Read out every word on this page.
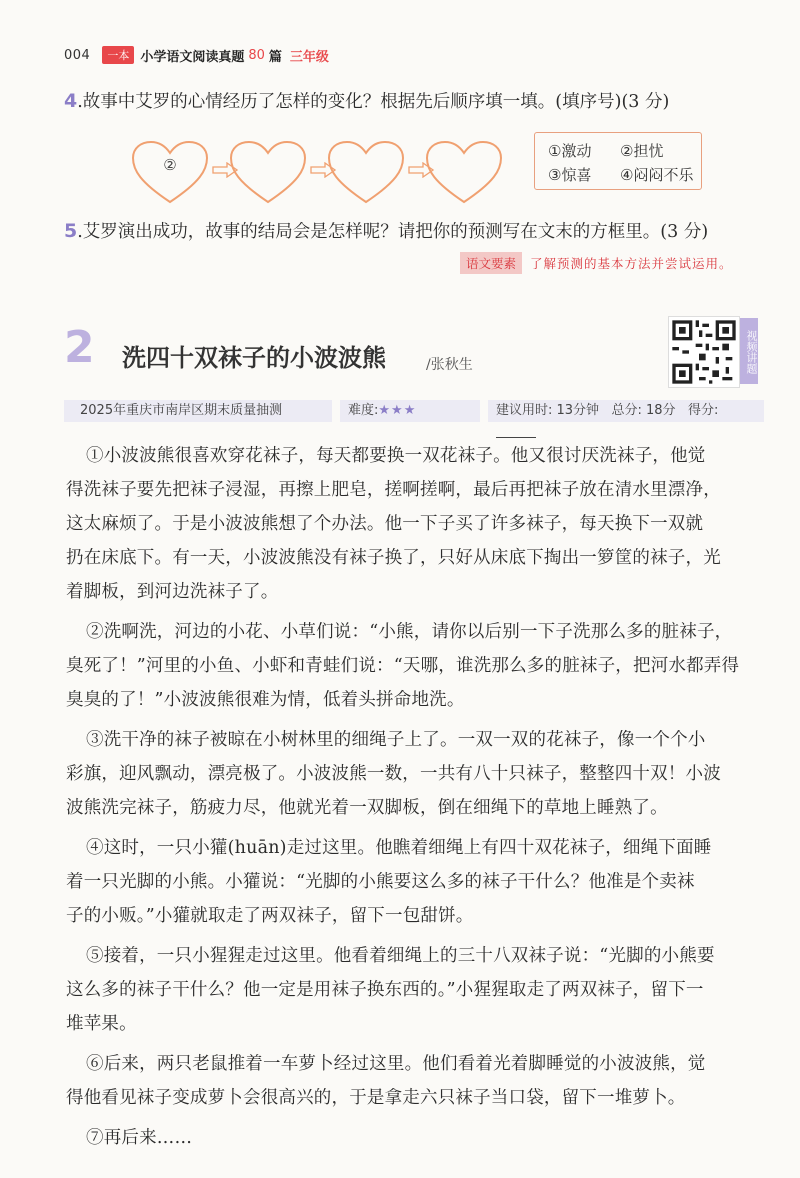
004	一本 小学语文阅读真题 80 篇 三年级
4.故事中艾罗的心情经历了怎样的变化？根据先后顺序填一填。(填序号)(3 分)
②
①激动 ②担忧
③惊喜 ④闷闷不乐
5.艾罗演出成功，故事的结局会是怎样呢？请把你的预测写在文末的方框里。(3 分)
语文要素	了解预测的基本方法并尝试运用。
2 洗四十双袜子的小波波熊	/张秋生	视频讲题
2025年重庆市南岸区期末质量抽测	难度:★★★	建议用时: 13分钟 总分: 18分 得分:
①小波波熊很喜欢穿花袜子，每天都要换一双花袜子。他又很讨厌洗袜子，他觉
得洗袜子要先把袜子浸湿，再擦上肥皂，搓啊搓啊，最后再把袜子放在清水里漂净，
这太麻烦了。于是小波波熊想了个办法。他一下子买了许多袜子，每天换下一双就
扔在床底下。有一天，小波波熊没有袜子换了，只好从床底下掏出一箩筐的袜子，光
着脚板，到河边洗袜子了。
②洗啊洗，河边的小花、小草们说：“小熊，请你以后别一下子洗那么多的脏袜子，
臭死了！”河里的小鱼、小虾和青蛙们说：“天哪，谁洗那么多的脏袜子，把河水都弄得
臭臭的了！”小波波熊很难为情，低着头拼命地洗。
③洗干净的袜子被晾在小树林里的细绳子上了。一双一双的花袜子，像一个个小
彩旗，迎风飘动，漂亮极了。小波波熊一数，一共有八十只袜子，整整四十双！小波
波熊洗完袜子，筋疲力尽，他就光着一双脚板，倒在细绳下的草地上睡熟了。
④这时，一只小獾(huān)走过这里。他瞧着细绳上有四十双花袜子，细绳下面睡
着一只光脚的小熊。小獾说：“光脚的小熊要这么多的袜子干什么？他准是个卖袜
子的小贩。”小獾就取走了两双袜子，留下一包甜饼。
⑤接着，一只小猩猩走过这里。他看着细绳上的三十八双袜子说：“光脚的小熊要
这么多的袜子干什么？他一定是用袜子换东西的。”小猩猩取走了两双袜子，留下一
堆苹果。
⑥后来，两只老鼠推着一车萝卜经过这里。他们看着光着脚睡觉的小波波熊，觉
得他看见袜子变成萝卜会很高兴的，于是拿走六只袜子当口袋，留下一堆萝卜。
⑦再后来……
